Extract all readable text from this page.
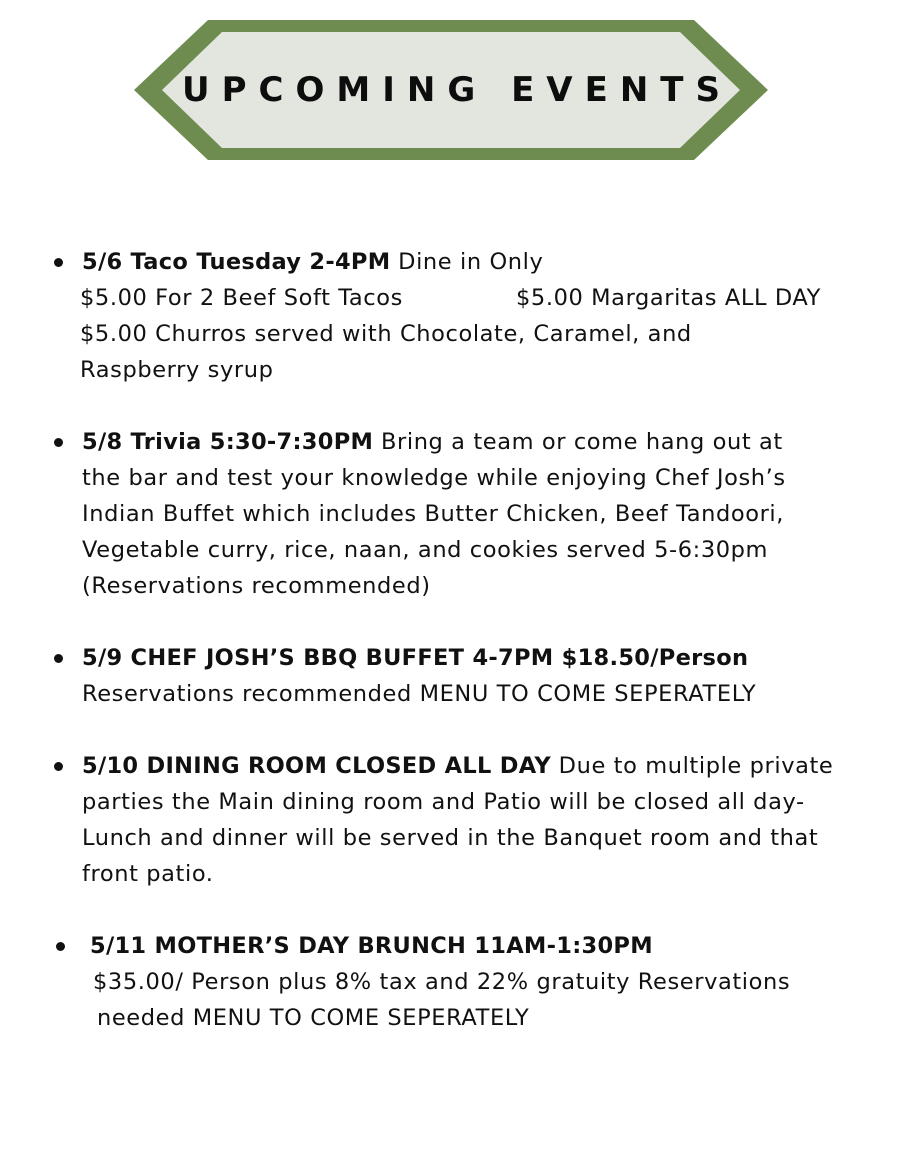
UPCOMING EVENTS
5/6 Taco Tuesday 2-4PM Dine in Only
$5.00 For 2 Beef Soft Tacos	$5.00 Margaritas ALL DAY
$5.00 Churros served with Chocolate, Caramel, and
Raspberry syrup
5/8 Trivia 5:30-7:30PM Bring a team or come hang out at
the bar and test your knowledge while enjoying Chef Josh’s
Indian Buffet which includes Butter Chicken, Beef Tandoori,
Vegetable curry, rice, naan, and cookies served 5-6:30pm
(Reservations recommended)
5/9 CHEF JOSH’S BBQ BUFFET 4-7PM $18.50/Person
Reservations recommended MENU TO COME SEPERATELY
5/10 DINING ROOM CLOSED ALL DAY Due to multiple private
parties the Main dining room and Patio will be closed all day-
Lunch and dinner will be served in the Banquet room and that
front patio.
5/11 MOTHER’S DAY BRUNCH 11AM-1:30PM
$35.00/ Person plus 8% tax and 22% gratuity Reservations
needed MENU TO COME SEPERATELY
